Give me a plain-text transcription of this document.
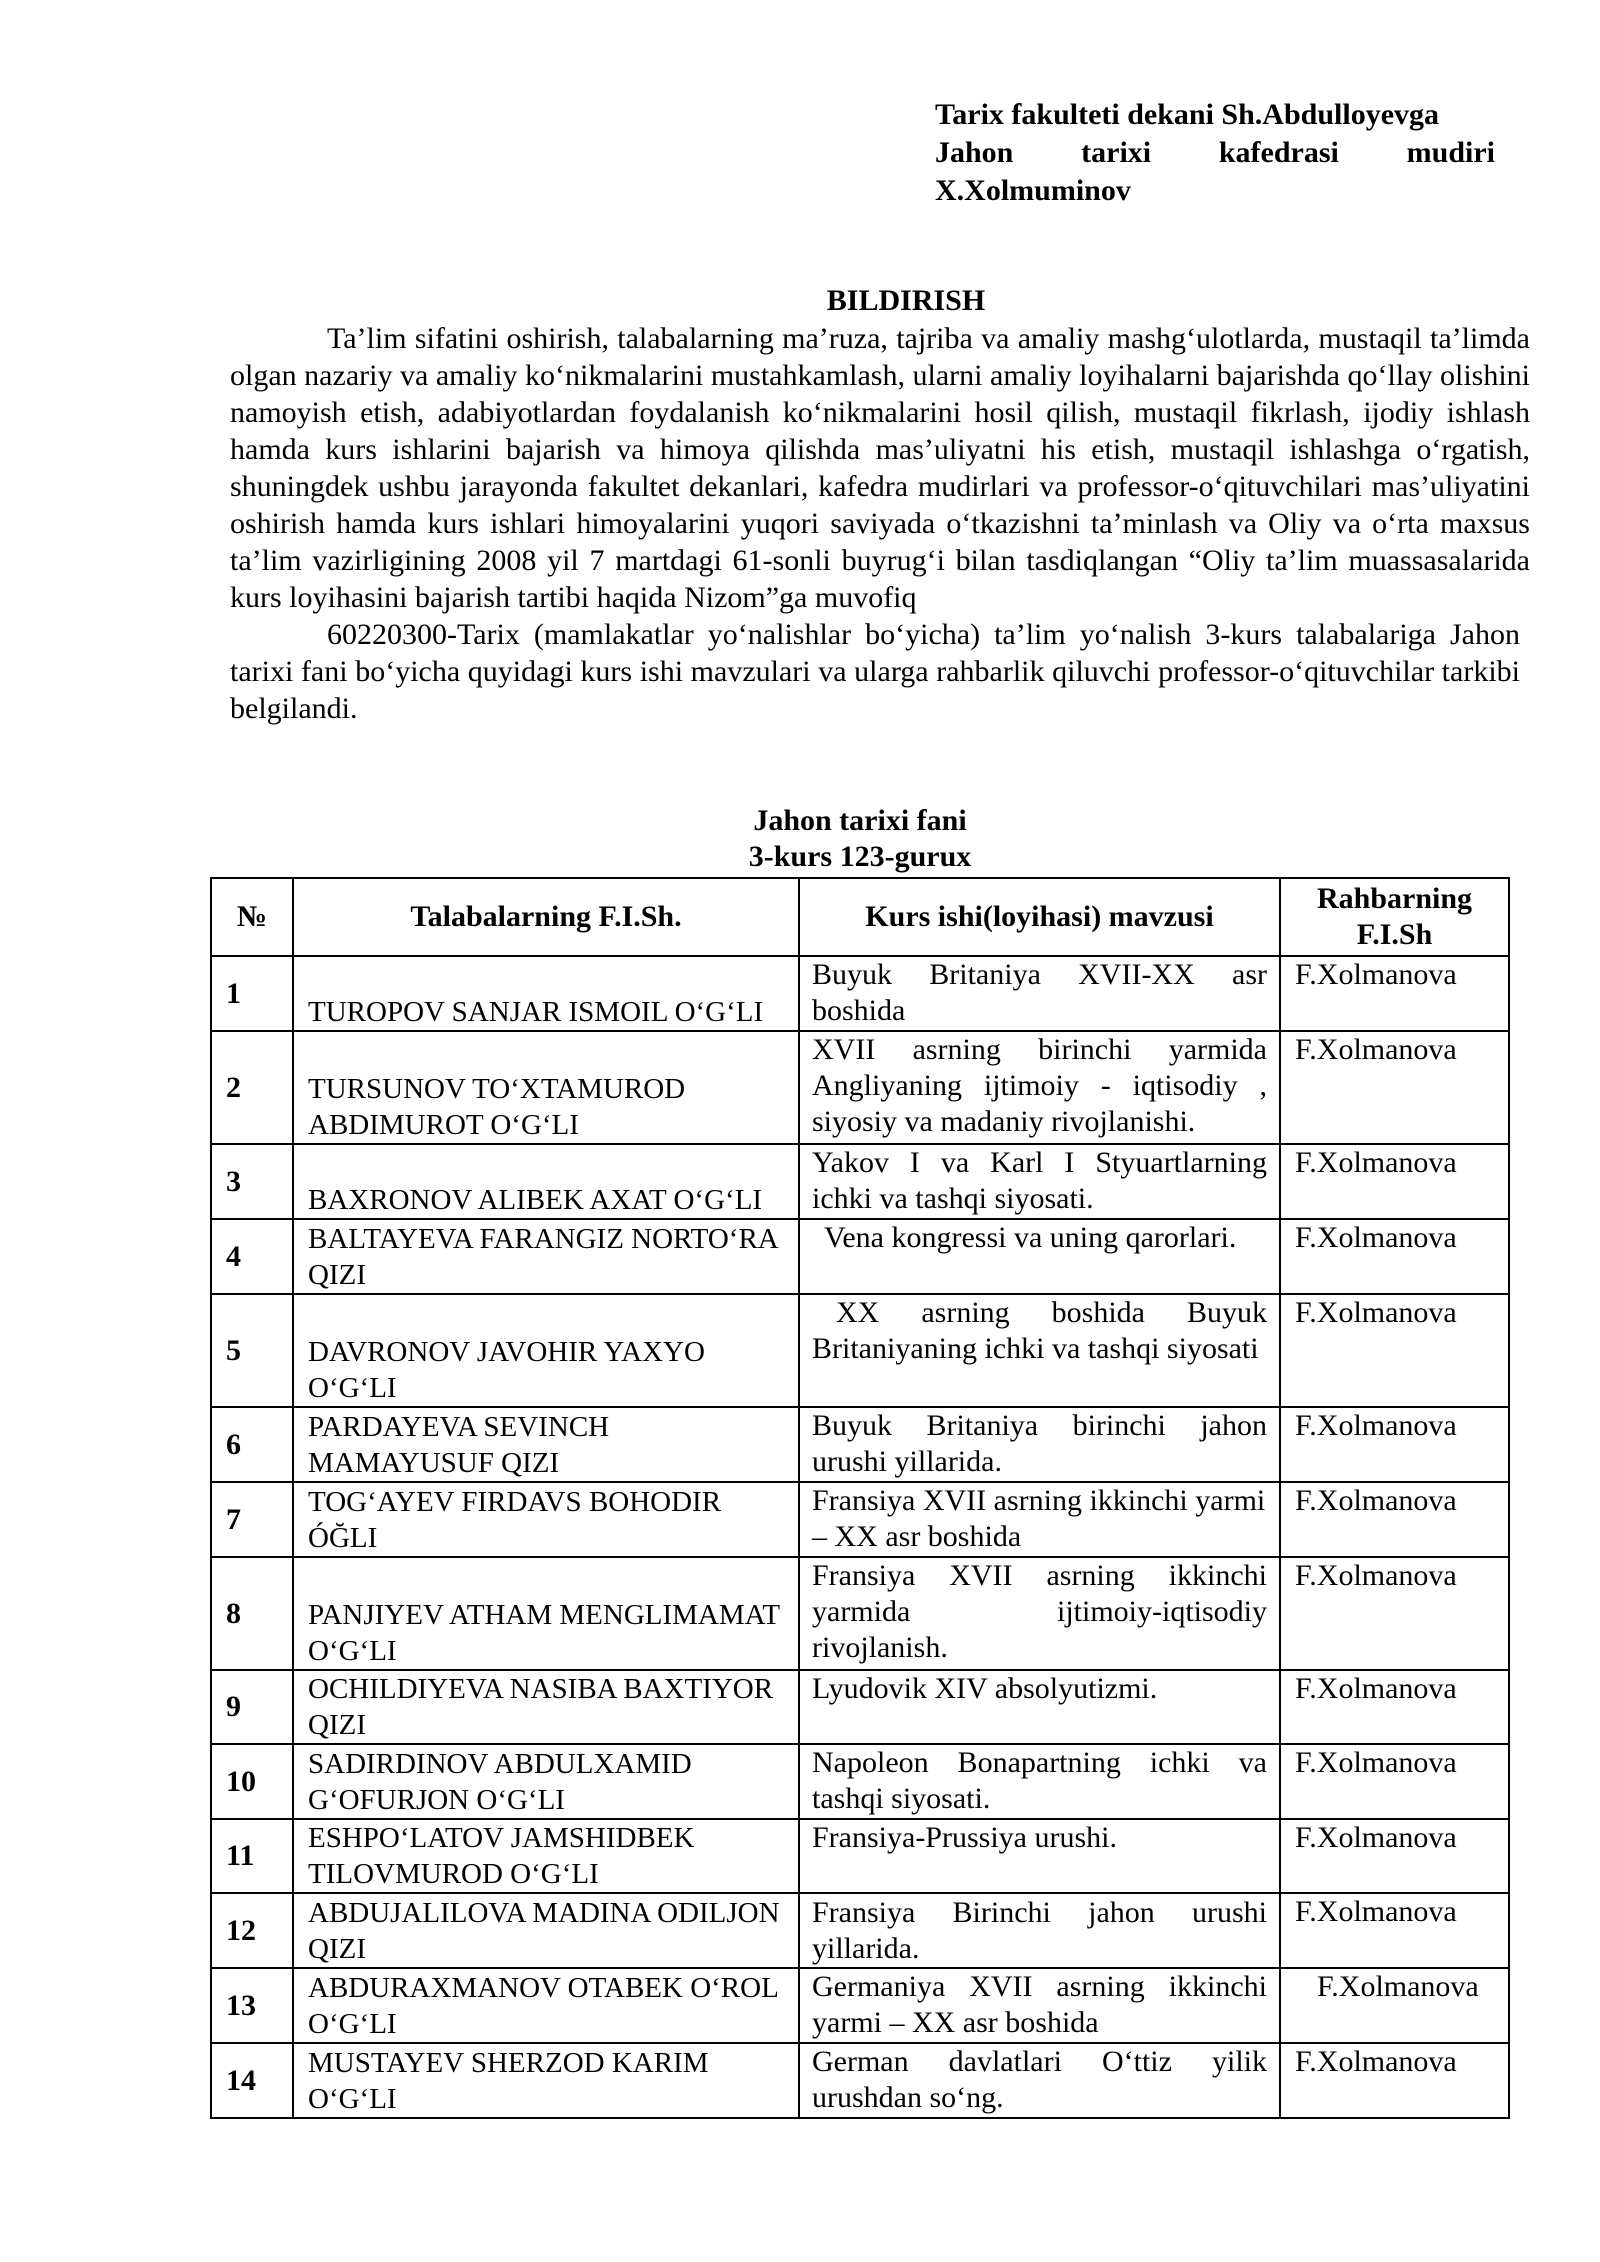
Tarix fakulteti dekani Sh.Abdulloyevga
Jahon tarixi kafedrasi mudiri
X.Xolmuminov
BILDIRISH

Ta’lim sifatini oshirish, talabalarning ma’ruza, tajriba va amaliy mashg‘ulotlarda, mustaqil ta’limda olgan nazariy va amaliy ko‘nikmalarini mustahkamlash, ularni amaliy loyihalarni bajarishda qo‘llay olishini namoyish etish, adabiyotlardan foydalanish ko‘nikmalarini hosil qilish, mustaqil fikrlash, ijodiy ishlash hamda kurs ishlarini bajarish va himoya qilishda mas’uliyatni his etish, mustaqil ishlashga o‘rgatish, shuningdek ushbu jarayonda fakultet dekanlari, kafedra mudirlari va professor-o‘qituvchilari mas’uliyatini oshirish hamda kurs ishlari himoyalarini yuqori saviyada o‘tkazishni ta’minlash va Oliy va o‘rta maxsus ta’lim vazirligining 2008 yil 7 martdagi 61-sonli buyrug‘i bilan tasdiqlangan “Oliy ta’lim muassasalarida kurs loyihasini bajarish tartibi haqida Nizom”ga muvofiq

60220300-Tarix (mamlakatlar yo‘nalishlar bo‘yicha) ta’lim yo‘nalish 3-kurs talabalariga Jahon tarixi fani bo‘yicha quyidagi kurs ishi mavzulari va ularga rahbarlik qiluvchi professor-o‘qituvchilar tarkibi belgilandi.

Jahon tarixi fani
3-kurs 123-gurux
№	Talabalarning F.I.Sh.	Kurs ishi(loyihasi) mavzusi	Rahbarning F.I.Sh
1	TUROPOV SANJAR ISMOIL O‘G‘LI	Buyuk Britaniya XVII-XX asr boshida	F.Xolmanova
2	TURSUNOV TO‘XTAMUROD ABDIMUROT O‘G‘LI	XVII asrning birinchi yarmida Angliyaning ijtimoiy - iqtisodiy , siyosiy va madaniy rivojlanishi.	F.Xolmanova
3	BAXRONOV ALIBEK AXAT O‘G‘LI	Yakov I va Karl I Styuartlarning ichki va tashqi siyosati.	F.Xolmanova
4	BALTAYEVA FARANGIZ NORTO‘RA QIZI	Vena kongressi va uning qarorlari.	F.Xolmanova
5	DAVRONOV JAVOHIR YAXYO O‘G‘LI	XX asrning boshida Buyuk Britaniyaning ichki va tashqi siyosati	F.Xolmanova
6	PARDAYEVA SEVINCH MAMAYUSUF QIZI	Buyuk Britaniya birinchi jahon urushi yillarida.	F.Xolmanova
7	TOG‘AYEV FIRDAVS BOHODIR ÓĞLI	Fransiya XVII asrning ikkinchi yarmi – XX asr boshida	F.Xolmanova
8	PANJIYEV ATHAM MENGLIMAMAT O‘G‘LI	Fransiya XVII asrning ikkinchi yarmida ijtimoiy-iqtisodiy rivojlanish.	F.Xolmanova
9	OCHILDIYEVA NASIBA BAXTIYOR QIZI	Lyudovik XIV absolyutizmi.	F.Xolmanova
10	SADIRDINOV ABDULXAMID G‘OFURJON O‘G‘LI	Napoleon Bonapartning ichki va tashqi siyosati.	F.Xolmanova
11	ESHPO‘LATOV JAMSHIDBEK TILOVMUROD O‘G‘LI	Fransiya-Prussiya urushi.	F.Xolmanova
12	ABDUJALILOVA MADINA ODILJON QIZI	Fransiya Birinchi jahon urushi yillarida.	F.Xolmanova
13	ABDURAXMANOV OTABEK O‘ROL O‘G‘LI	Germaniya XVII asrning ikkinchi yarmi – XX asr boshida	F.Xolmanova
14	MUSTAYEV SHERZOD KARIM O‘G‘LI	German davlatlari O‘ttiz yilik urushdan so‘ng.	F.Xolmanova
